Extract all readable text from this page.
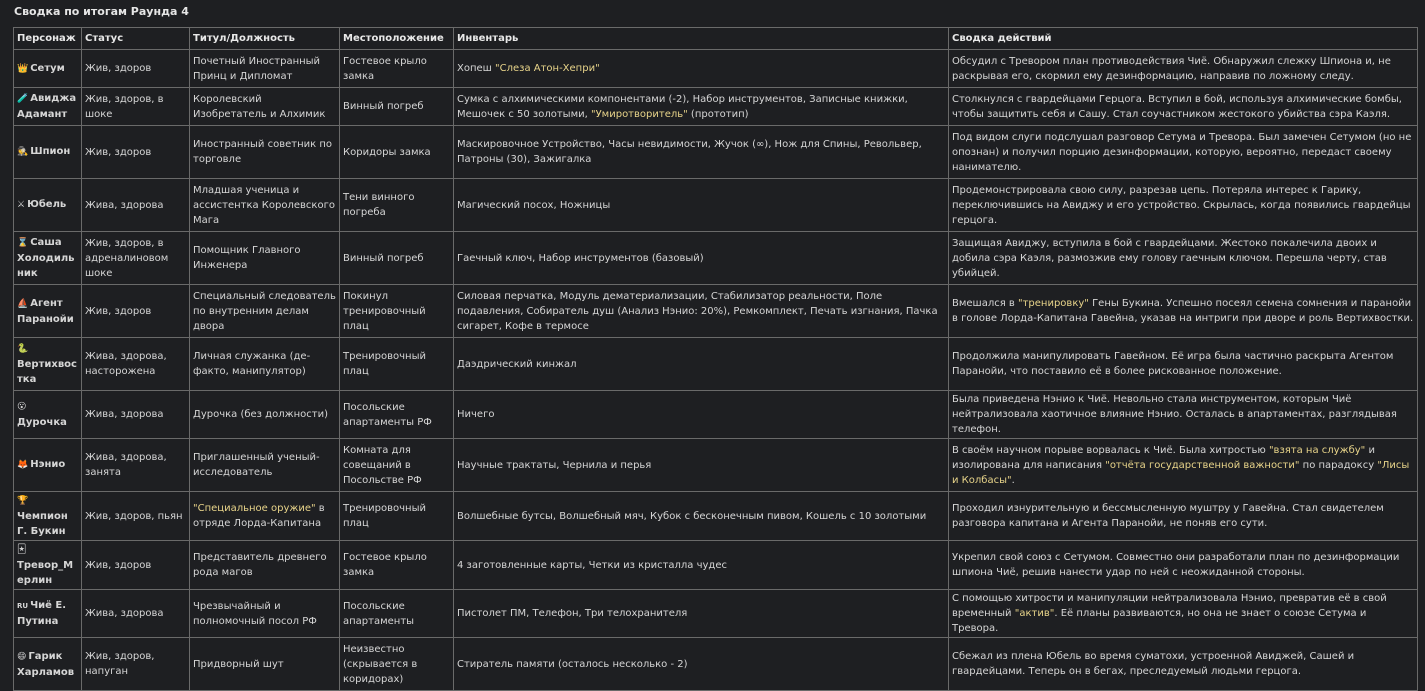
Сводка по итогам Раунда 4
Персонаж	Статус	Титул/Должность	Местоположение	Инвентарь	Сводка действий
👑 Сетум	Жив, здоров	Почетный Иностранный Принц и Дипломат	Гостевое крыло замка	Хопеш "Слеза Атон-Хепри"	Обсудил с Тревором план противодействия Чиё. Обнаружил слежку Шпиона и, не раскрывая его, скормил ему дезинформацию, направив по ложному следу.
🧪 Авиджа Адамант	Жив, здоров, в шоке	Королевский Изобретатель и Алхимик	Винный погреб	Сумка с алхимическими компонентами (-2), Набор инструментов, Записные книжки, Мешочек с 50 золотыми, "Умиротворитель" (прототип)	Столкнулся с гвардейцами Герцога. Вступил в бой, используя алхимические бомбы, чтобы защитить себя и Сашу. Стал соучастником жестокого убийства сэра Каэля.
🕵 Шпион	Жив, здоров	Иностранный советник по торговле	Коридоры замка	Маскировочное Устройство, Часы невидимости, Жучок (∞), Нож для Спины, Револьвер, Патроны (30), Зажигалка	Под видом слуги подслушал разговор Сетума и Тревора. Был замечен Сетумом (но не опознан) и получил порцию дезинформации, которую, вероятно, передаст своему нанимателю.
⚔ Юбель	Жива, здорова	Младшая ученица и ассистентка Королевского Мага	Тени винного погреба	Магический посох, Ножницы	Продемонстрировала свою силу, разрезав цепь. Потеряла интерес к Гарику, переключившись на Авиджу и его устройство. Скрылась, когда появились гвардейцы герцога.
⌛ Саша Холодильник	Жив, здоров, в адреналиновом шоке	Помощник Главного Инженера	Винный погреб	Гаечный ключ, Набор инструментов (базовый)	Защищая Авиджу, вступила в бой с гвардейцами. Жестоко покалечила двоих и добила сэра Каэля, размозжив ему голову гаечным ключом. Перешла черту, став убийцей.
⛵ Агент Паранойи	Жив, здоров	Специальный следователь по внутренним делам двора	Покинул тренировочный плац	Силовая перчатка, Модуль дематериализации, Стабилизатор реальности, Поле подавления, Собиратель душ (Анализ Нэнио: 20%), Ремкомплект, Печать изгнания, Пачка сигарет, Кофе в термосе	Вмешался в "тренировку" Гены Букина. Успешно посеял семена сомнения и паранойи в голове Лорда-Капитана Гавейна, указав на интриги при дворе и роль Вертихвостки.
🐍Вертихвостка	Жива, здорова, насторожена	Личная служанка (де-факто, манипулятор)	Тренировочный плац	Даэдрический кинжал	Продолжила манипулировать Гавейном. Её игра была частично раскрыта Агентом Паранойи, что поставило её в более рискованное положение.
😮Дурочка	Жива, здорова	Дурочка (без должности)	Посольские апартаменты РФ	Ничего	Была приведена Нэнио к Чиё. Невольно стала инструментом, которым Чиё нейтрализовала хаотичное влияние Нэнио. Осталась в апартаментах, разглядывая телефон.
🦊 Нэнио	Жива, здорова, занята	Приглашенный ученый-исследователь	Комната для совещаний в Посольстве РФ	Научные трактаты, Чернила и перья	В своём научном порыве ворвалась к Чиё. Была хитростью "взята на службу" и изолирована для написания "отчёта государственной важности" по парадоксу "Лисы и Колбасы".
🏆Чемпион Г. Букин	Жив, здоров, пьян	"Специальное оружие" в отряде Лорда-Капитана	Тренировочный плац	Волшебные бутсы, Волшебный мяч, Кубок с бесконечным пивом, Кошель с 10 золотыми	Проходил изнурительную и бессмысленную муштру у Гавейна. Стал свидетелем разговора капитана и Агента Паранойи, не поняв его сути.
🃏Тревор_Мерлин	Жив, здоров	Представитель древнего рода магов	Гостевое крыло замка	4 заготовленные карты, Четки из кристалла чудес	Укрепил свой союз с Сетумом. Совместно они разработали план по дезинформации шпиона Чиё, решив нанести удар по ней с неожиданной стороны.
RU Чиё Е. Путина	Жива, здорова	Чрезвычайный и полномочный посол РФ	Посольские апартаменты	Пистолет ПМ, Телефон, Три телохранителя	С помощью хитрости и манипуляции нейтрализовала Нэнио, превратив её в свой временный "актив". Её планы развиваются, но она не знает о союзе Сетума и Тревора.
😄 Гарик Харламов	Жив, здоров, напуган	Придворный шут	Неизвестно (скрывается в коридорах)	Стиратель памяти (осталось несколько - 2)	Сбежал из плена Юбель во время суматохи, устроенной Авиджей, Сашей и гвардейцами. Теперь он в бегах, преследуемый людьми герцога.
